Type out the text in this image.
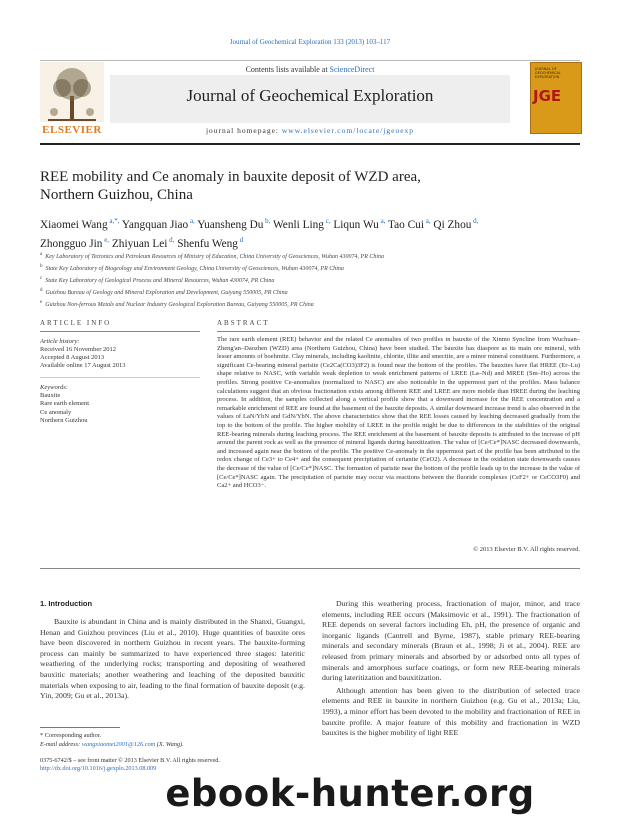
Journal of Geochemical Exploration 133 (2013) 103–117
ELSEVIER
Contents lists available at ScienceDirect
Journal of Geochemical Exploration
journal homepage: www.elsevier.com/locate/jgeoexp
JOURNAL OF GEOCHEMICAL EXPLORATION
JGE
REE mobility and Ce anomaly in bauxite deposit of WZD area,
Northern Guizhou, China
Xiaomei Wang $^{a,*,}$ Yangquan Jiao $^{a,}$ Yuansheng Du $^{b,}$ Wenli Ling $^{c,}$ Liqun Wu $^{a,}$ Tao Cui $^{a,}$ Qi Zhou $^{d,}$
Zhongguo Jin $^{e,}$ Zhiyuan Lei $^{d,}$ Shenfu Weng $^d$
$^a$ Key Laboratory of Tectonics and Petroleum Resources of Ministry of Education, China University of Geosciences, Wuhan 430074, PR China
$^b$ State Key Laboratory of Biogeology and Environment Geology, China University of Geosciences, Wuhan 430074, PR China
$^c$ State Key Laboratory of Geological Process and Mineral Resources, Wuhan 430074, PR China
$^d$ Guizhou Bureau of Geology and Mineral Exploration and Development, Guiyang 550005, PR China
$^e$ Guizhou Non-ferrous Metals and Nuclear Industry Geological Exploration Bureau, Guiyang 550005, PR China
ARTICLE INFO	ABSTRACT
Article history:
Received 16 November 2012
Accepted 8 August 2013
Available online 17 August 2013
Keywords:
Bauxite
Rare earth element
Ce anomaly
Northern Guizhou
The rare earth element (REE) behavior and the related Ce anomalies of two profiles in bauxite of the Xinmo Syncline from Wuchuan–Zheng'an–Daozhen (WZD) area (Northern Guizhou, China) have been studied. The bauxite has diaspore as its main ore mineral, with lesser amounts of boehmite. Clay minerals, including kaolinite, chlorite, illite and smectite, are a minor mineral constituent. Furthermore, a significant Ce-bearing mineral parisite (Ce2Ca(CO3)3F2) is found near the bottom of the profiles. The bauxites have flat HREE (Er–Lu) shape relative to NASC, with variable weak depletion to weak enrichment patterns of LREE (La–Nd) and MREE (Sm–Ho) across the profiles. Strong positive Ce-anomalies (normalized to NASC) are also noticeable in the uppermost part of the profiles. Mass balance calculations suggest that an obvious fractionation exists among different REE and LREE are more mobile than HREE during the leaching process. In addition, the samples collected along a vertical profile show that a downward increase for the REE concentration and a remarkable enrichment of REE are found at the basement of the bauxite deposits. A similar downward increase trend is also observed in the values of LaN/YbN and GdN/YbN. The above characteristics show that the REE losses caused by leaching decreased gradually from the top to the bottom of the profile. The higher mobility of LREE in the profile might be due to differences in the stabilities of the original REE-bearing minerals during leaching process. The REE enrichment at the basement of bauxite deposits is attributed to the increase of pH around the parent rock as well as the presence of mineral ligands during bauxitization. The value of [Ce/Ce*]NASC decreased downwards, and increased again near the bottom of the profile. The positive Ce-anomaly in the uppermost part of the profile has been attributed to the redox change of Ce3+ to Ce4+ and the consequent precipitation of cerianite (CeO2). A decrease in the oxidation state downwards causes the decrease of the value of [Ce/Ce*]NASC. The formation of parisite near the bottom of the profile leads up to the increase in the value of [Ce/Ce*]NASC again. The precipitation of parisite may occur via reactions between the fluoride complexes (CeF2+ or CeCO3F0) and Ca2+ and HCO3−.
© 2013 Elsevier B.V. All rights reserved.
1. Introduction

Bauxite is abundant in China and is mainly distributed in the Shanxi, Guangxi, Henan and Guizhou provinces (Liu et al., 2010). Huge quantities of bauxite ores have been discovered in northern Guizhou in recent years. The bauxite-forming process can mainly be summarized to have experienced three stages: lateritic weathering of the underlying rocks; transporting and depositing of weathered bauxitic materials; another weathering and leaching of the deposited bauxitic materials when exposing to air, leading to the final formation of bauxite deposit (e.g. Yin, 2009; Gu et al., 2013a).

During this weathering process, fractionation of major, minor, and trace elements, including REE occurs (Maksimovic et al., 1991). The fractionation of REE depends on several factors including Eh, pH, the presence of organic and inorganic ligands (Cantrell and Byrne, 1987), stable primary REE-bearing minerals and secondary minerals (Braun et al., 1998; Ji et al., 2004). REE are released from primary minerals and absorbed by or adsorbed onto all types of minerals and amorphous surface coatings, or form new REE-bearing minerals during lateritization and bauxitization.

Although attention has been given to the distribution of selected trace elements and REE in bauxite in northern Guizhou (e.g. Gu et al., 2013a; Liu, 1993), a minor effort has been devoted to the mobility and fractionation of REE in bauxite profile. A major feature of this mobility and fractionation in WZD bauxites is the higher mobility of light REE

* Corresponding author.
E-mail address: wangxiaomei2001@126.com (X. Wang).
0375-6742/$ – see front matter © 2013 Elsevier B.V. All rights reserved.
http://dx.doi.org/10.1016/j.gexplo.2013.08.009
ebook-hunter.org
